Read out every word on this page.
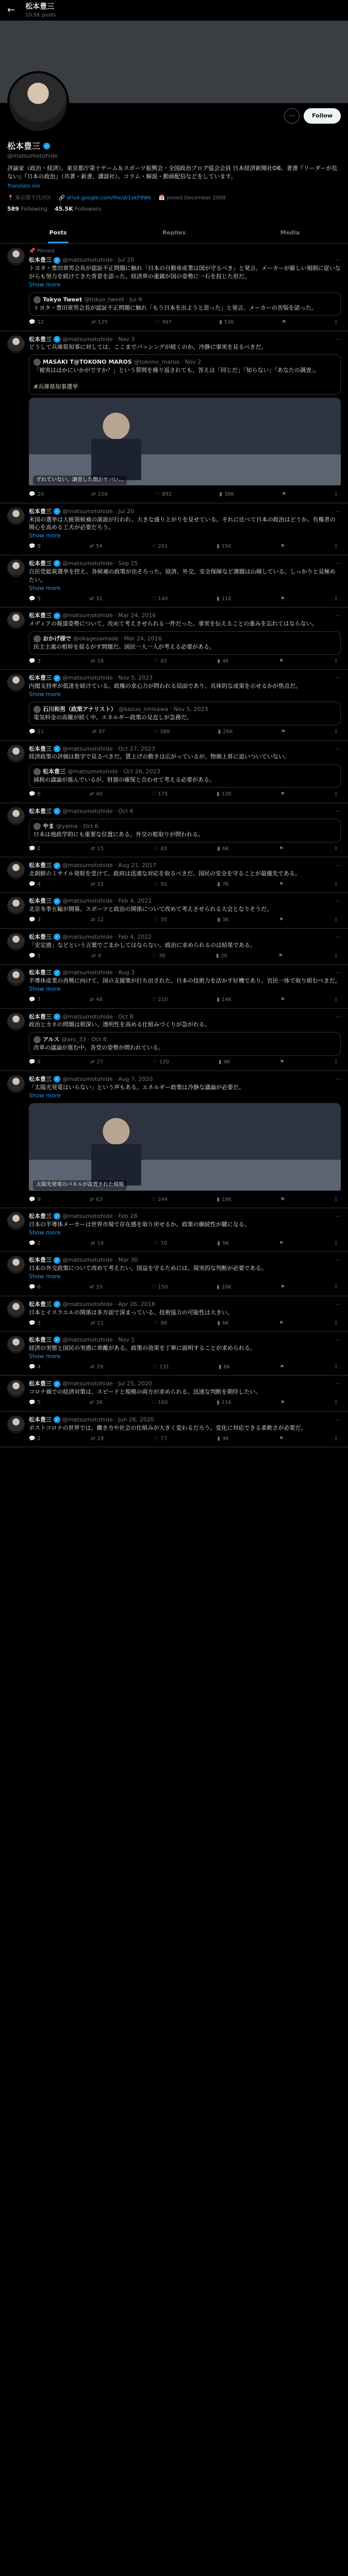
← 松本豊三
10.5K posts
⋯	Follow
松本豊三	✓
@matsumotohide
評論家（政治・経済）、東京都庁第十ゲーム＆スポーツ振興会・全国政治ブログ協会会員 日本経済新聞社OB。著書『リーダーが危ない』『日本の政治』（共著・新書、講談社）。コラム・解説・動画配信などをしています。
Translate bio
📍 東京都千代田区 🔗 drive.google.com/file/d/1xkF9Wk 📅 Joined December 2009
589 Following 45.5K Followers
Posts	Replies	Media
📌 Pinned
松本豊三 ✓ @matsumotohide · Jul 20	⋯
トヨタ・豊田章男会長が認証不正問題に触れ「日本の自動車産業は国が守るべき」と発言。メーカーが厳しい規制に従いながらも努力を続けてきた背景を語った。経済界の重鎮が国の姿勢に一石を投じた形だ。
Show more
Tokyo Tweet @tokyo_tweet · Jul 9
トヨタ・豊田章男会長が認証不正問題に触れ「もう日本を出ようと思った」と発言、メーカーの苦悩を語った。
💬 12	⇄ 125	♡ 467	▮ 53K	⚑	⇪
松本豊三 ✓ @matsumotohide · Nov 3	⋯
どうして兵庫県知事に対しては、ここまでバッシングが続くのか。冷静に事実を見るべきだ。
MASAKI T@TOKONO MAROS @tokono_maros · Nov 2
「被害はほかにいかがですか？」という質問を繰り返されても、答えは「同じだ」「知らない」「あなたの調査」。

#兵庫県知事選挙
ずれていない、調査した側がヤバい…
💬 20	⇄ 226	♡ 892	▮ 38K	⚑	⇪
松本豊三 ✓ @matsumotohide · Jul 20	⋯
米国の選挙は大統領候補の演説が行われ、大きな盛り上がりを見せている。それに比べて日本の政治はどうか。有権者の関心を高める工夫が必要だろう。
Show more
💬 8	⇄ 54	♡ 201	▮ 15K	⚑	⇪
松本豊三 ✓ @matsumotohide · Sep 25	⋯
自民党総裁選挙を控え、各候補の政策が出そろった。経済、外交、安全保障など課題は山積している。しっかりと見極めたい。
Show more
💬 5	⇄ 31	♡ 140	▮ 11K	⚑	⇪
松本豊三 ✓ @matsumotohide · Mar 24, 2016	⋯
メディアの報道姿勢について、改めて考えさせられる一件だった。事実を伝えることの重みを忘れてはならない。
おかげ様で @okagesamade · Mar 24, 2016
民主主義の根幹を揺るがす問題だ。国民一人一人が考える必要がある。
💬 3	⇄ 18	♡ 62	▮ 4K	⚑	⇪
松本豊三 ✓ @matsumotohide · Nov 5, 2023	⋯
内閣支持率が低迷を続けている。政権の求心力が問われる局面であり、具体的な成果を示せるかが焦点だ。
Show more
石川和男（政策アナリスト） @kazuo_ishikawa · Nov 5, 2023
電気料金の高騰が続く中、エネルギー政策の見直しが急務だ。
💬 11	⇄ 97	♡ 388	▮ 26K	⚑	⇪
松本豊三 ✓ @matsumotohide · Oct 27, 2023	⋯
経済政策の評価は数字で見るべきだ。賃上げの動きは広がっているが、物価上昇に追いついていない。
松本豊三 @matsumotohide · Oct 26, 2023
減税の議論が進んでいるが、財源の確保と合わせて考える必要がある。
💬 6	⇄ 40	♡ 175	▮ 12K	⚑	⇪
松本豊三 ✓ @matsumotohide · Oct 6	⋯
やま @yama · Oct 6
日本は地政学的にも重要な位置にある。外交の舵取りが問われる。
💬 2	⇄ 15	♡ 83	▮ 6K	⚑	⇪
松本豊三 ✓ @matsumotohide · Aug 21, 2017	⋯
北朝鮮のミサイル発射を受けて、政府は迅速な対応を取るべきだ。国民の安全を守ることが最優先である。
💬 4	⇄ 22	♡ 91	▮ 7K	⚑	⇪
松本豊三 ✓ @matsumotohide · Feb 4, 2022	⋯
北京冬季五輪が開幕。スポーツと政治の関係について改めて考えさせられる大会となりそうだ。
💬 3	⇄ 12	♡ 55	▮ 3K	⚑	⇪
松本豊三 ✓ @matsumotohide · Feb 4, 2022	⋯
「安定感」などという言葉でごまかしてはならない。政治に求められるのは結果である。
💬 1	⇄ 9	♡ 38	▮ 2K	⚑	⇪
松本豊三 ✓ @matsumotohide · Aug 3	⋯
半導体産業の再興に向けて、国の支援策が打ち出された。日本の技術力を活かす好機であり、官民一体で取り組むべきだ。
Show more
💬 7	⇄ 48	♡ 210	▮ 14K	⚑	⇪
松本豊三 ✓ @matsumotohide · Oct 8	⋯
政治とカネの問題は根深い。透明性を高める仕組みづくりが急がれる。
アルス @ars_33 · Oct 8
改革の議論が進む中、各党の姿勢が問われている。
💬 5	⇄ 27	♡ 120	▮ 9K	⚑	⇪
松本豊三 ✓ @matsumotohide · Aug 7, 2020	⋯
「太陽光発電はいらない」という声もある。エネルギー政策は冷静な議論が必要だ。
Show more
太陽光発電のパネルが設置された現場
💬 9	⇄ 63	♡ 244	▮ 18K	⚑	⇪
松本豊三 ✓ @matsumotohide · Feb 28	⋯
日本の半導体メーカーは世界市場で存在感を取り戻せるか。政策の継続性が鍵になる。
Show more
💬 2	⇄ 14	♡ 70	▮ 5K	⚑	⇪
松本豊三 ✓ @matsumotohide · Mar 30	⋯
日本の外交政策について改めて考えたい。国益を守るためには、現実的な判断が必要である。
Show more
💬 6	⇄ 33	♡ 150	▮ 10K	⚑	⇪
松本豊三 ✓ @matsumotohide · Apr 26, 2018	⋯
日本とイスラエルの関係は多方面で深まっている。技術協力の可能性は大きい。
💬 3	⇄ 21	♡ 88	▮ 6K	⚑	⇪
松本豊三 ✓ @matsumotohide · Nov 1	⋯
経済の実態と国民の実感に乖離がある。政策の効果を丁寧に説明することが求められる。
Show more
💬 4	⇄ 29	♡ 131	▮ 8K	⚑	⇪
松本豊三 ✓ @matsumotohide · Jul 25, 2020	⋯
コロナ禍での経済対策は、スピードと規模の両方が求められる。迅速な判断を期待したい。
💬 5	⇄ 36	♡ 160	▮ 11K	⚑	⇪
松本豊三 ✓ @matsumotohide · Jun 26, 2020	⋯
ポストコロナの世界では、働き方や社会の仕組みが大きく変わるだろう。変化に対応できる柔軟さが必要だ。
💬 2	⇄ 19	♡ 77	▮ 4K	⚑	⇪
